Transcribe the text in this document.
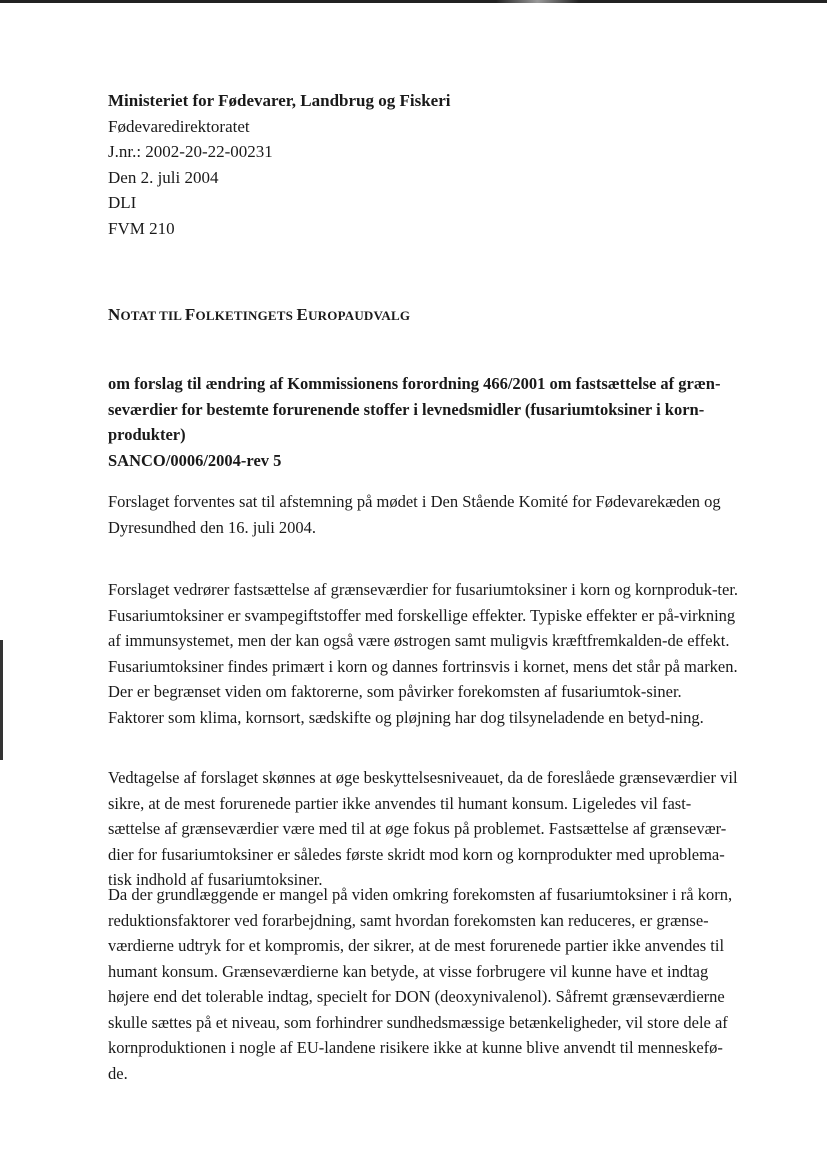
Ministeriet for Fødevarer, Landbrug og Fiskeri

Fødevaredirektoratet

J.nr.: 2002-20-22-00231

Den 2. juli 2004

DLI

FVM 210

NOTAT TIL FOLKETINGETS EUROPAUDVALG

om forslag til ændring af Kommissionens forordning 466/2001 om fastsættelse af græn-

seværdier for bestemte forurenende stoffer i levnedsmidler (fusariumtoksiner i korn-

produkter)

SANCO/0006/2004-rev 5

Forslaget forventes sat til afstemning på mødet i Den Stående Komité for Fødevarekæden og Dyresundhed den 16. juli 2004.

Forslaget vedrører fastsættelse af grænseværdier for fusariumtoksiner i korn og kornproduk-ter. Fusariumtoksiner er svampegiftstoffer med forskellige effekter. Typiske effekter er på-virkning af immunsystemet, men der kan også være østrogen samt muligvis kræftfremkalden-de effekt. Fusariumtoksiner findes primært i korn og dannes fortrinsvis i kornet, mens det står på marken. Der er begrænset viden om faktorerne, som påvirker forekomsten af fusariumtok-siner. Faktorer som klima, kornsort, sædskifte og pløjning har dog tilsyneladende en betyd-ning.

Vedtagelse af forslaget skønnes at øge beskyttelsesniveauet, da de foreslåede grænseværdier vil sikre, at de mest forurenede partier ikke anvendes til humant konsum. Ligeledes vil fast-sættelse af grænseværdier være med til at øge fokus på problemet. Fastsættelse af grænsevær-dier for fusariumtoksiner er således første skridt mod korn og kornprodukter med uproblema-tisk indhold af fusariumtoksiner.

Da der grundlæggende er mangel på viden omkring forekomsten af fusariumtoksiner i rå korn, reduktionsfaktorer ved forarbejdning, samt hvordan forekomsten kan reduceres, er grænse-værdierne udtryk for et kompromis, der sikrer, at de mest forurenede partier ikke anvendes til humant konsum. Grænseværdierne kan betyde, at visse forbrugere vil kunne have et indtag højere end det tolerable indtag, specielt for DON (deoxynivalenol). Såfremt grænseværdierne skulle sættes på et niveau, som forhindrer sundhedsmæssige betænkeligheder, vil store dele af kornproduktionen i nogle af EU-landene risikere ikke at kunne blive anvendt til menneskefø-de.
